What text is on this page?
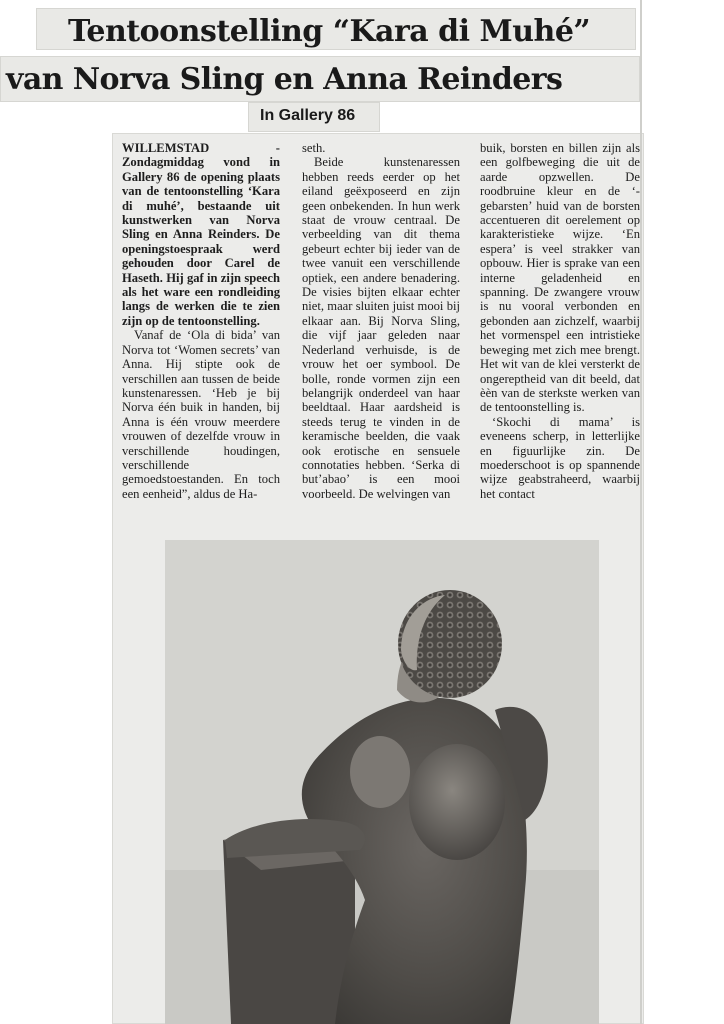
Tentoonstelling “Kara di Muhé”
van Norva Sling en Anna Reinders
In Gallery 86

WILLEMSTAD - Zondagmiddag vond in Gallery 86 de opening plaats van de tentoonstelling ‘Kara di muhé’, bestaande uit kunstwerken van Norva Sling en Anna Reinders. De openingstoespraak werd gehouden door Carel de Haseth. Hij gaf in zijn speech als het ware een rondleiding langs de werken die te zien zijn op de tentoonstelling.

Vanaf de ‘Ola di bida’ van Norva tot ‘Women secrets’ van Anna. Hij stipte ook de verschillen aan tussen de beide kunstenaressen. ‘Heb je bij Norva één buik in handen, bij Anna is één vrouw meerdere vrouwen of dezelfde vrouw in verschillende houdingen, verschillende gemoedstoestanden. En toch een eenheid”, aldus de Ha-

seth.

Beide kunstenaressen hebben reeds eerder op het eiland geëxposeerd en zijn geen onbekenden. In hun werk staat de vrouw centraal. De verbeelding van dit thema gebeurt echter bij ieder van de twee vanuit een verschillende optiek, een andere benadering. De visies bijten elkaar echter niet, maar sluiten juist mooi bij elkaar aan. Bij Norva Sling, die vijf jaar geleden naar Nederland verhuisde, is de vrouw het oer symbool. De bolle, ronde vormen zijn een belangrijk onderdeel van haar beeldtaal. Haar aardsheid is steeds terug te vinden in de keramische beelden, die vaak ook erotische en sensuele connotaties hebben. ‘Serka di but’abao’ is een mooi voorbeeld. De welvingen van

buik, borsten en billen zijn als een golfbeweging die uit de aarde opzwellen. De roodbruine kleur en de ‘-gebarsten’ huid van de borsten accentueren dit oerelement op karakteristieke wijze. ‘En espera’ is veel strakker van opbouw. Hier is sprake van een interne geladenheid en spanning. De zwangere vrouw is nu vooral verbonden en gebonden aan zichzelf, waarbij het vormenspel een intristieke beweging met zich mee brengt. Het wit van de klei versterkt de ongereptheid van dit beeld, dat èèn van de sterkste werken van de tentoonstelling is.

‘Skochi di mama’ is eveneens scherp, in letterlijke en figuurlijke zin. De moederschoot is op spannende wijze geabstraheerd, waarbij het contact
